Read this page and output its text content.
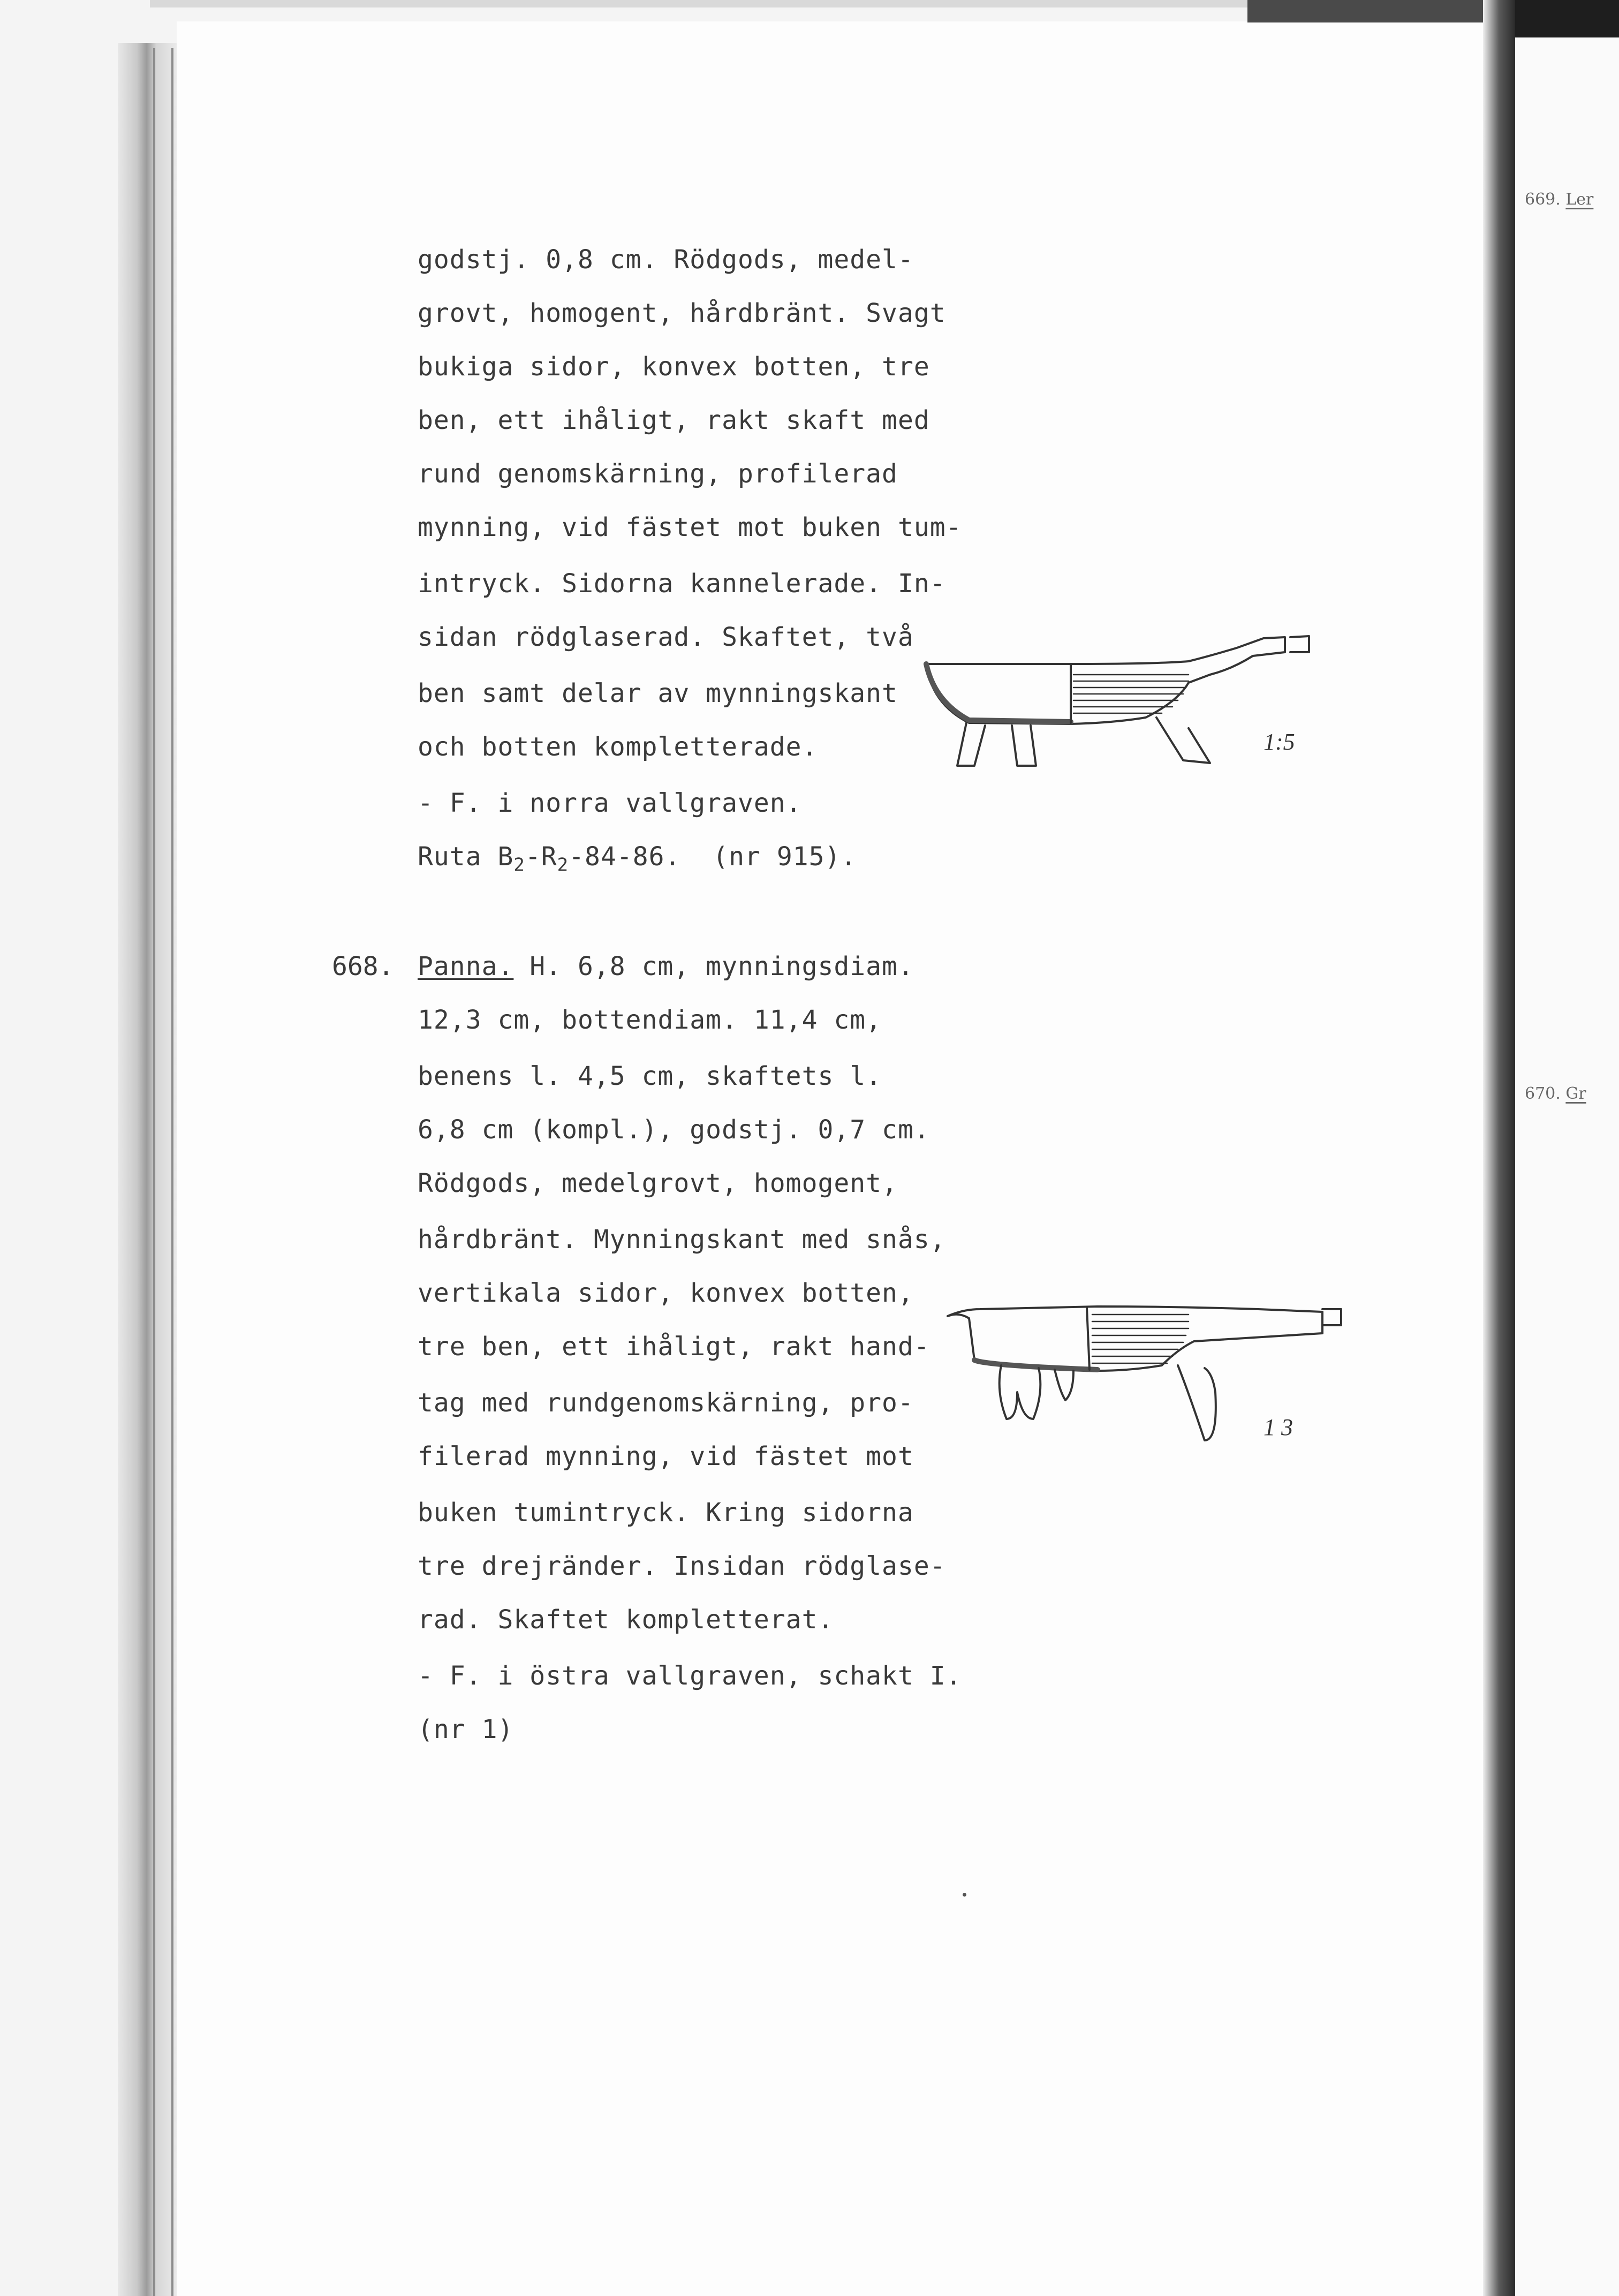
godstj. 0,8 cm. Rödgods, medel-
grovt, homogent, hårdbränt. Svagt
bukiga sidor, konvex botten, tre
ben, ett ihåligt, rakt skaft med
rund genomskärning, profilerad
mynning, vid fästet mot buken tum-
intryck. Sidorna kannelerade. In-
sidan rödglaserad. Skaftet, två
ben samt delar av mynningskant
och botten kompletterade.
- F. i norra vallgraven.
Ruta $B_2-R_2-84-86$.  (nr 915).
1:5
668. Panna. H. 6,8 cm, mynningsdiam.
12,3 cm, bottendiam. 11,4 cm,
benens l. 4,5 cm, skaftets l.
6,8 cm (kompl.), godstj. 0,7 cm.
Rödgods, medelgrovt, homogent,
hårdbränt. Mynningskant med snås,
vertikala sidor, konvex botten,
tre ben, ett ihåligt, rakt hand-
tag med rundgenomskärning, pro-
filerad mynning, vid fästet mot
buken tumintryck. Kring sidorna
tre drejränder. Insidan rödglase-
rad. Skaftet kompletterat.
- F. i östra vallgraven, schakt I.
(nr 1)
1 3
669. Ler
670. Gr
